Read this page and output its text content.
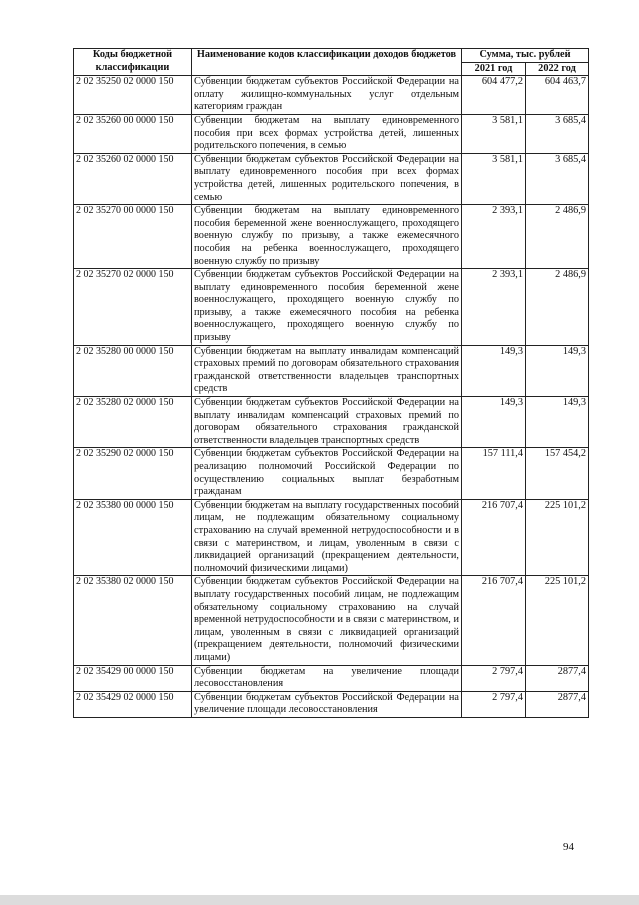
Коды бюджетной классификации	Наименование кодов классификации доходов бюджетов	Сумма, тыс. рублей	
		2021 год	2022 год
2 02 35250 02 0000 150	Субвенции бюджетам субъектов Российской Федерации на оплату жилищно-коммунальных услуг отдельным категориям граждан	604 477,2	604 463,7
2 02 35260 00 0000 150	Субвенции бюджетам на выплату единовременного пособия при всех формах устройства детей, лишенных родительского попечения, в семью	3 581,1	3 685,4
2 02 35260 02 0000 150	Субвенции бюджетам субъектов Российской Федерации на выплату единовременного пособия при всех формах устройства детей, лишенных родительского попечения, в семью	3 581,1	3 685,4
2 02 35270 00 0000 150	Субвенции бюджетам на выплату единовременного пособия беременной жене военнослужащего, проходящего военную службу по призыву, а также ежемесячного пособия на ребенка военнослужащего, проходящего военную службу по призыву	2 393,1	2 486,9
2 02 35270 02 0000 150	Субвенции бюджетам субъектов Российской Федерации на выплату единовременного пособия беременной жене военнослужащего, проходящего военную службу по призыву, а также ежемесячного пособия на ребенка военнослужащего, проходящего военную службу по призыву	2 393,1	2 486,9
2 02 35280 00 0000 150	Субвенции бюджетам на выплату инвалидам компенсаций страховых премий по договорам обязательного страхования гражданской ответственности владельцев транспортных средств	149,3	149,3
2 02 35280 02 0000 150	Субвенции бюджетам субъектов Российской Федерации на выплату инвалидам компенсаций страховых премий по договорам обязательного страхования гражданской ответственности владельцев транспортных средств	149,3	149,3
2 02 35290 02 0000 150	Субвенции бюджетам субъектов Российской Федерации на реализацию полномочий Российской Федерации по осуществлению социальных выплат безработным гражданам	157 111,4	157 454,2
2 02 35380 00 0000 150	Субвенции бюджетам на выплату государственных пособий лицам, не подлежащим обязательному социальному страхованию на случай временной нетрудоспособности и в связи с материнством, и лицам, уволенным в связи с ликвидацией организаций (прекращением деятельности, полномочий физическими лицами)	216 707,4	225 101,2
2 02 35380 02 0000 150	Субвенции бюджетам субъектов Российской Федерации на выплату государственных пособий лицам, не подлежащим обязательному социальному страхованию на случай временной нетрудоспособности и в связи с материнством, и лицам, уволенным в связи с ликвидацией организаций (прекращением деятельности, полномочий физическими лицами)	216 707,4	225 101,2
2 02 35429 00 0000 150	Субвенции бюджетам на увеличение площади лесовосстановления	2 797,4	2877,4
2 02 35429 02 0000 150	Субвенции бюджетам субъектов Российской Федерации на увеличение площади лесовосстановления	2 797,4	2877,4
94
